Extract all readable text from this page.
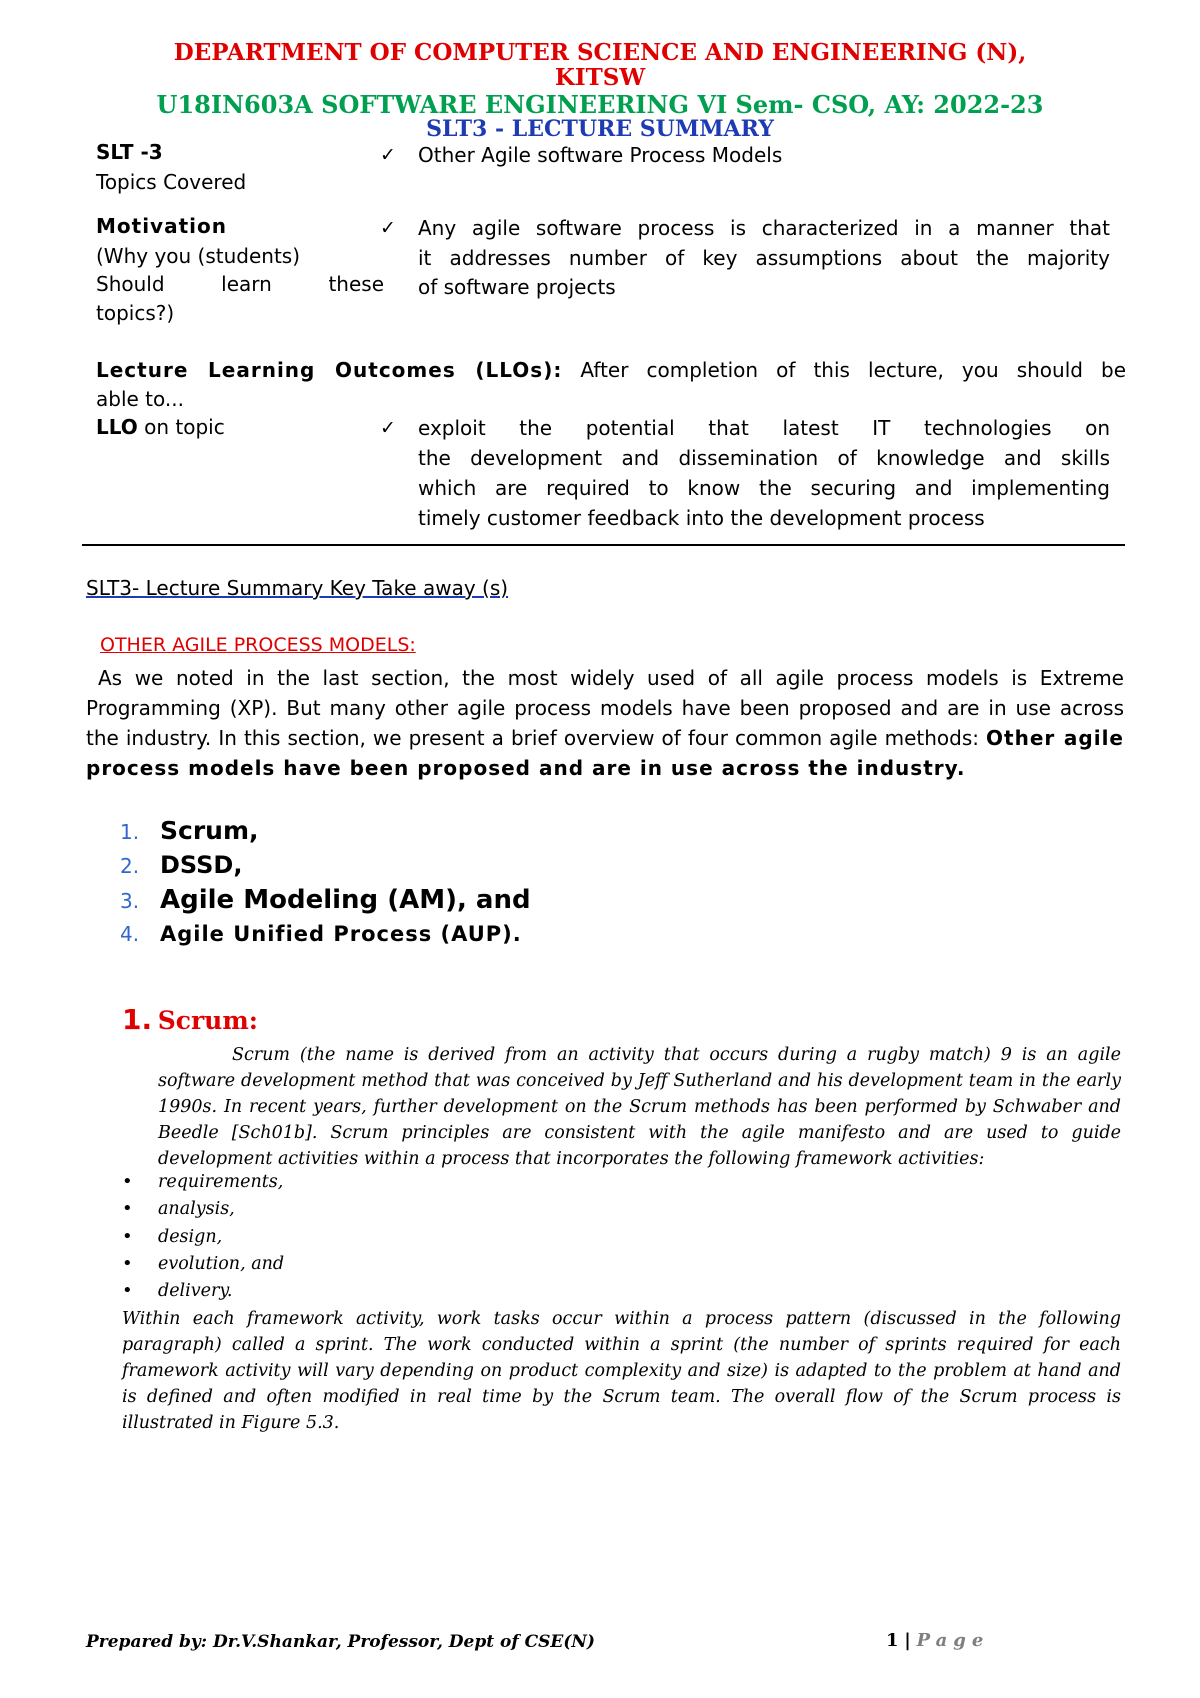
DEPARTMENT OF COMPUTER SCIENCE AND ENGINEERING (N),
KITSW
U18IN603A SOFTWARE ENGINEERING VI Sem- CSO, AY: 2022-23
SLT3 - LECTURE SUMMARY
SLT -3
Topics Covered
✓ Other Agile software Process Models
Motivation
(Why you (students)
Should learn these
topics?)
✓ Any agile software process is characterized in a manner that
it addresses number of key assumptions about the majority
of software projects
Lecture Learning Outcomes (LLOs): After completion of this lecture, you should be
able to...
LLO on topic	✓ exploit the potential that latest IT technologies on
the development and dissemination of knowledge and skills
which are required to know the securing and implementing
timely customer feedback into the development process
SLT3- Lecture Summary Key Take away (s)
OTHER AGILE PROCESS MODELS:
As we noted in the last section, the most widely used of all agile process models is Extreme Programming (XP). But many other agile process models have been proposed and are in use across the industry. In this section, we present a brief overview of four common agile methods: Other agile process models have been proposed and are in use across the industry.
1. Scrum,
2. DSSD,
3. Agile Modeling (AM), and
4. Agile Unified Process (AUP).
1. Scrum:
Scrum (the name is derived from an activity that occurs during a rugby match) 9 is an agile software development method that was conceived by Jeff Sutherland and his development team in the early 1990s. In recent years, further development on the Scrum methods has been performed by Schwaber and Beedle [Sch01b]. Scrum principles are consistent with the agile manifesto and are used to guide development activities within a process that incorporates the following framework activities:
• requirements,
• analysis,
• design,
• evolution, and
• delivery.
Within each framework activity, work tasks occur within a process pattern (discussed in the following paragraph) called a sprint. The work conducted within a sprint (the number of sprints required for each framework activity will vary depending on product complexity and size) is adapted to the problem at hand and is defined and often modified in real time by the Scrum team. The overall flow of the Scrum process is illustrated in Figure 5.3.
Prepared by: Dr.V.Shankar, Professor, Dept of CSE(N)	1 | Page
